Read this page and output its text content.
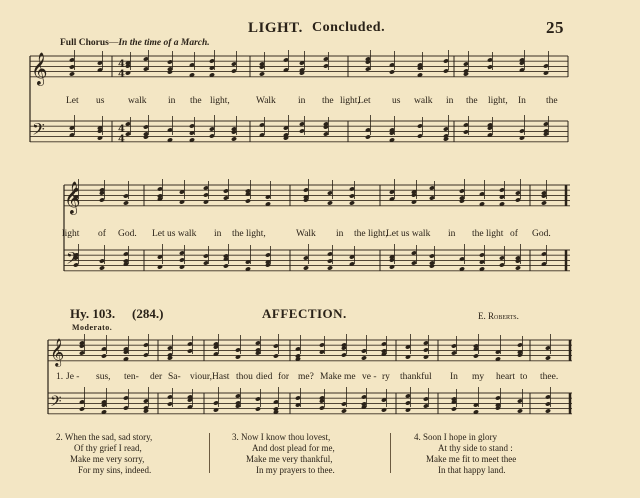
LIGHT. Concluded.	25
Full Chorus—In the time of a March.
𝄞
𝄢
𝄞
𝄢
𝄞
𝄢
4
4
4
4
Let us walk in the light,	Walk in the light,
Let us walk in the light, In the
light of God. Let us walk in the light,	Walk in the light,
Let us walk in the light of God.
Hy. 103. (284.)	AFFECTION.	E. Roberts.
Moderato.
Je - sus, ten- der Sa- viour, Hast thou died for me? Make me ve - ry thankful In my heart to thee.
2. When the sad, sad story,
Of thy grief I read,
Make me very sorry,
For my sins, indeed.
3. Now I know thou lovest,
And dost plead for me,
Make me very thankful,
In my prayers to thee.
4. Soon I hope in glory
At thy side to stand :
Make me fit to meet thee
In that happy land.
1.
